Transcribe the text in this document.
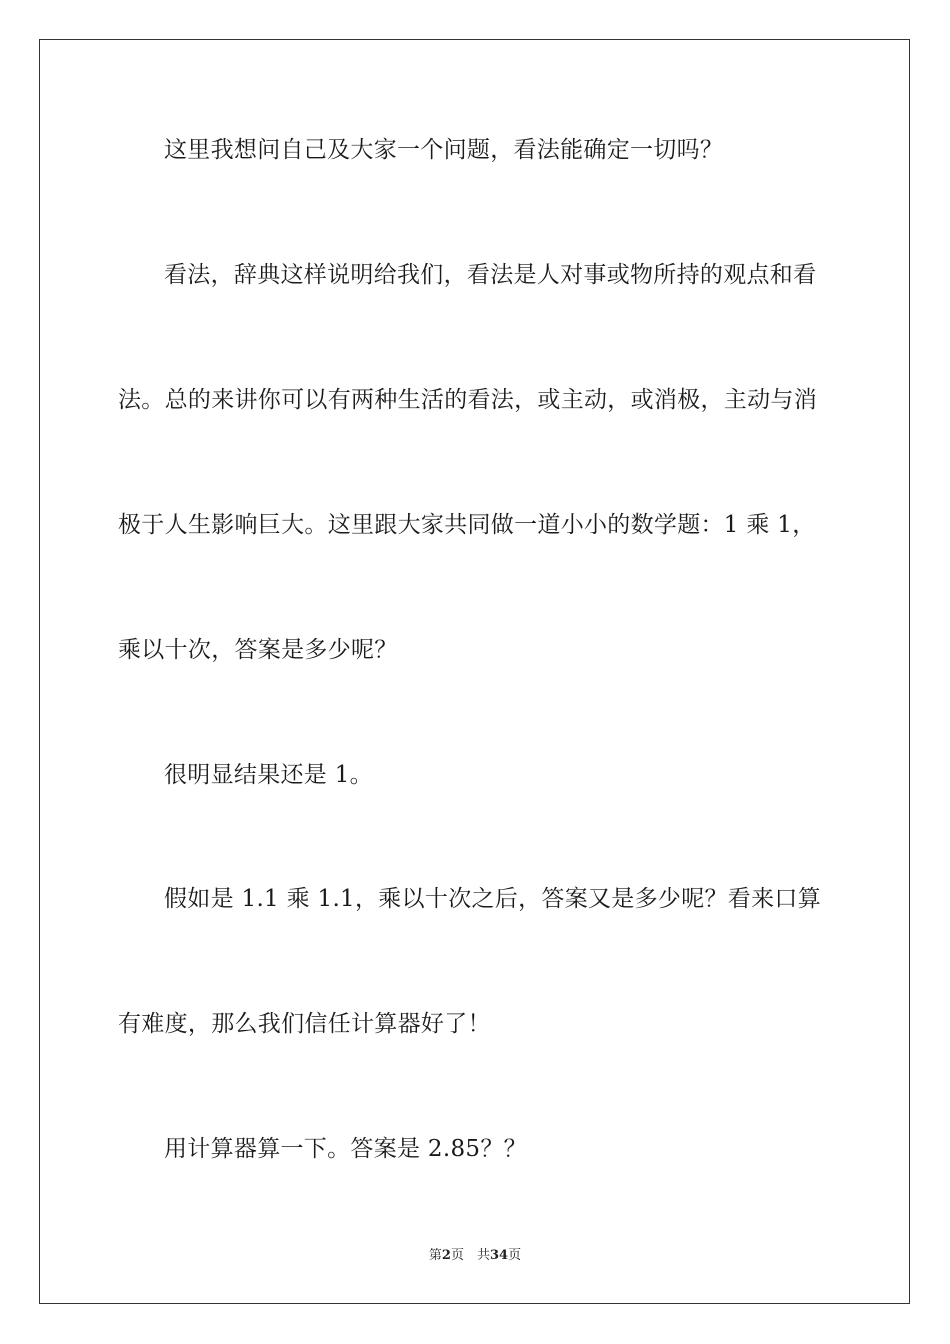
这里我想问自己及大家一个问题，看法能确定一切吗？
看法，辞典这样说明给我们，看法是人对事或物所持的观点和看
法。总的来讲你可以有两种生活的看法，或主动，或消极，主动与消
极于人生影响巨大。这里跟大家共同做一道小小的数学题：1 乘 1，
乘以十次，答案是多少呢？
很明显结果还是 1。
假如是 1.1 乘 1.1，乘以十次之后，答案又是多少呢？看来口算
有难度，那么我们信任计算器好了！
用计算器算一下。答案是 2.85？？
第2页　共34页
